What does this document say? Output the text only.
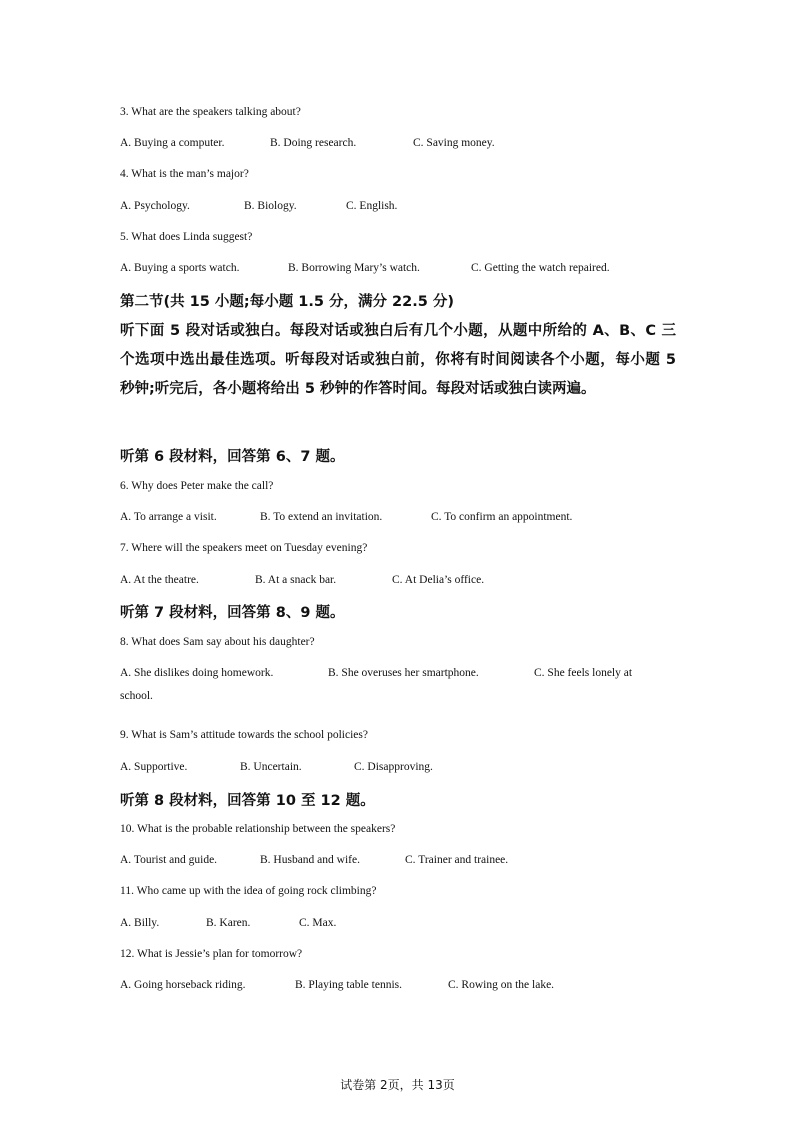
3. What are the speakers talking about?
A. Buying a computer.	B. Doing research.	C. Saving money.
4. What is the man’s major?
A. Psychology.	B. Biology.	C. English.
5. What does Linda suggest?
A. Buying a sports watch.	B. Borrowing Mary’s watch.	C. Getting the watch repaired.
第二节(共 15 小题;每小题 1.5 分，满分 22.5 分)
听下面 5 段对话或独白。每段对话或独白后有几个小题，从题中所给的 A、B、C 三个选项中选出最佳选项。听每段对话或独白前，你将有时间阅读各个小题，每小题 5 秒钟;听完后，各小题将给出 5 秒钟的作答时间。每段对话或独白读两遍。
听第 6 段材料，回答第 6、7 题。
6. Why does Peter make the call?
A. To arrange a visit.	B. To extend an invitation.	C. To confirm an appointment.
7. Where will the speakers meet on Tuesday evening?
A. At the theatre.	B. At a snack bar.	C. At Delia’s office.
听第 7 段材料，回答第 8、9 题。
8. What does Sam say about his daughter?
A. She dislikes doing homework.	B. She overuses her smartphone.	C. She feels lonely at
school.
9. What is Sam’s attitude towards the school policies?
A. Supportive.	B. Uncertain.	C. Disapproving.
听第 8 段材料，回答第 10 至 12 题。
10. What is the probable relationship between the speakers?
A. Tourist and guide.	B. Husband and wife.	C. Trainer and trainee.
11. Who came up with the idea of going rock climbing?
A. Billy.	B. Karen.	C. Max.
12. What is Jessie’s plan for tomorrow?
A. Going horseback riding.	B. Playing table tennis.	C. Rowing on the lake.
试卷第 2页，共 13页
